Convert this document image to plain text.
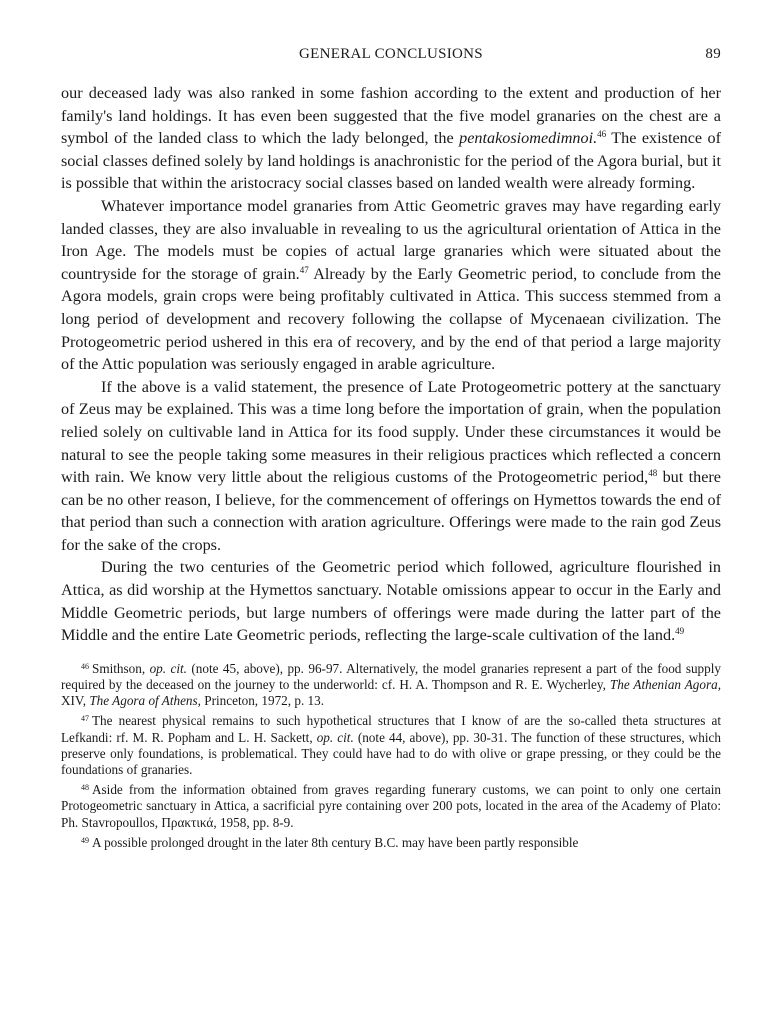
GENERAL CONCLUSIONS	89

our deceased lady was also ranked in some fashion according to the extent and production of her family's land holdings. It has even been suggested that the five model granaries on the chest are a symbol of the landed class to which the lady belonged, the pentakosiomedimnoi.$^{46}$ The existence of social classes defined solely by land holdings is anachronistic for the period of the Agora burial, but it is possible that within the aristocracy social classes based on landed wealth were already forming.

Whatever importance model granaries from Attic Geometric graves may have regarding early landed classes, they are also invaluable in revealing to us the agricultural orientation of Attica in the Iron Age. The models must be copies of actual large granaries which were situated about the countryside for the storage of grain.$^{47}$ Already by the Early Geometric period, to conclude from the Agora models, grain crops were being profitably cultivated in Attica. This success stemmed from a long period of development and recovery following the collapse of Mycenaean civilization. The Protogeometric period ushered in this era of recovery, and by the end of that period a large majority of the Attic population was seriously engaged in arable agriculture.

If the above is a valid statement, the presence of Late Protogeometric pottery at the sanctuary of Zeus may be explained. This was a time long before the importation of grain, when the population relied solely on cultivable land in Attica for its food supply. Under these circumstances it would be natural to see the people taking some measures in their religious practices which reflected a concern with rain. We know very little about the religious customs of the Protogeometric period,$^{48}$ but there can be no other reason, I believe, for the commencement of offerings on Hymettos towards the end of that period than such a connection with aration agriculture. Offerings were made to the rain god Zeus for the sake of the crops.

During the two centuries of the Geometric period which followed, agriculture flourished in Attica, as did worship at the Hymettos sanctuary. Notable omissions appear to occur in the Early and Middle Geometric periods, but large numbers of offerings were made during the latter part of the Middle and the entire Late Geometric periods, reflecting the large-scale cultivation of the land.$^{49}$

$^{46}$ Smithson, op. cit. (note 45, above), pp. 96-97. Alternatively, the model granaries represent a part of the food supply required by the deceased on the journey to the underworld: cf. H. A. Thompson and R. E. Wycherley, The Athenian Agora, XIV, The Agora of Athens, Princeton, 1972, p. 13.

$^{47}$ The nearest physical remains to such hypothetical structures that I know of are the so-called theta structures at Lefkandi: rf. M. R. Popham and L. H. Sackett, op. cit. (note 44, above), pp. 30-31. The function of these structures, which preserve only foundations, is problematical. They could have had to do with olive or grape pressing, or they could be the foundations of granaries.

$^{48}$ Aside from the information obtained from graves regarding funerary customs, we can point to only one certain Protogeometric sanctuary in Attica, a sacrificial pyre containing over 200 pots, located in the area of the Academy of Plato: Ph. Stavropoullos, Πρακτικά, 1958, pp. 8-9.

$^{49}$ A possible prolonged drought in the later 8th century B.C. may have been partly responsible
